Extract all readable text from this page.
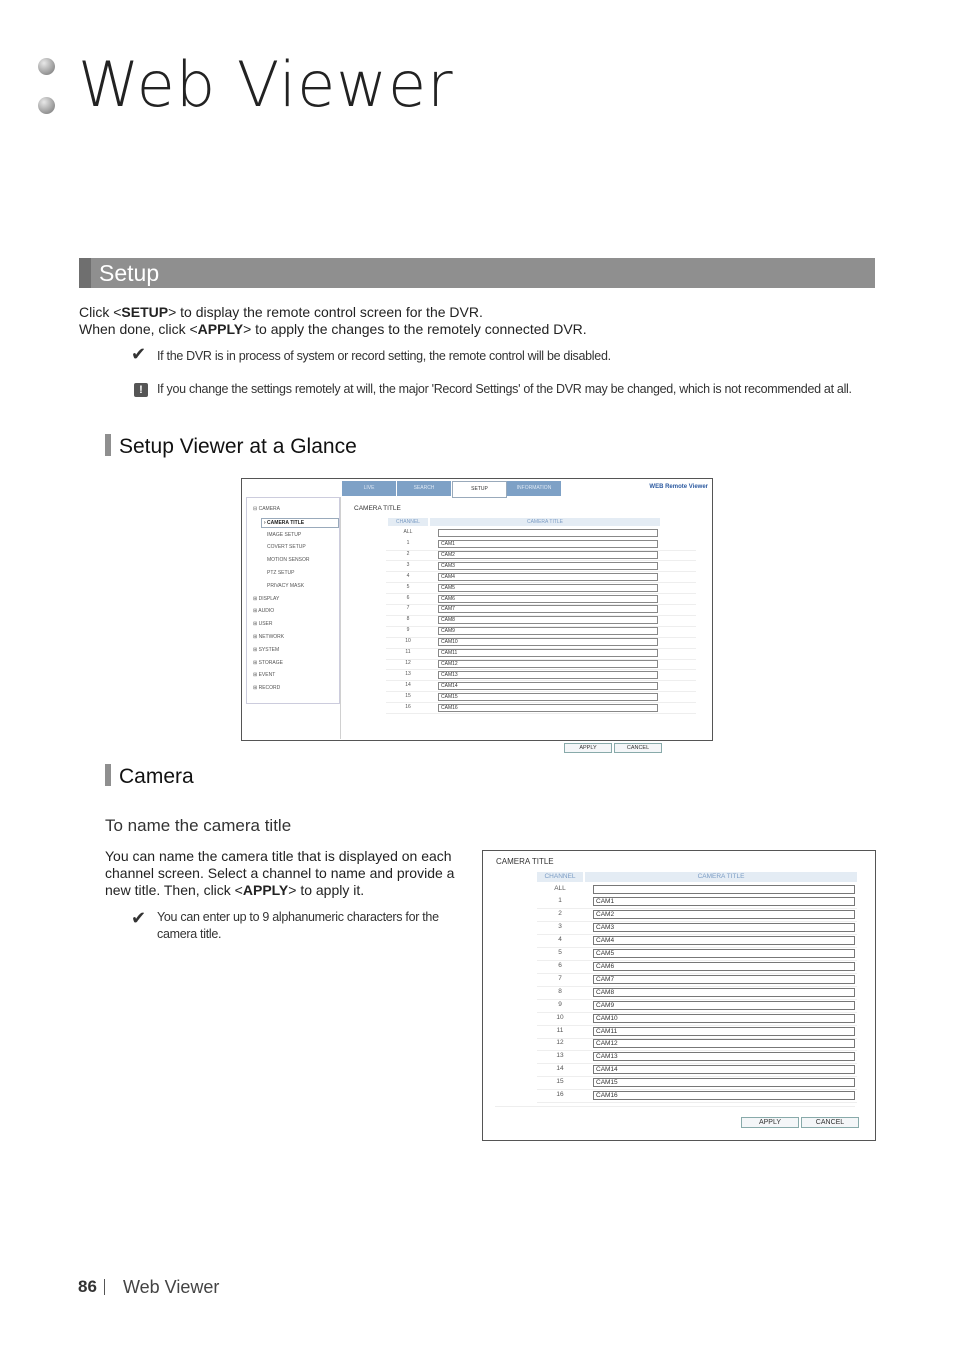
Web Viewer
Setup
Click <SETUP> to display the remote control screen for the DVR.
When done, click <APPLY> to apply the changes to the remotely connected DVR.
✔ If the DVR is in process of system or record setting, the remote control will be disabled.
!	If you change the settings remotely at will, the major 'Record Settings' of the DVR may be changed, which is not recommended at all.
Setup Viewer at a Glance
LIVE	SEARCH	SETUP	INFORMATION	WEB Remote Viewer
⊟ CAMERA
› CAMERA TITLE
IMAGE SETUP
COVERT SETUP
MOTION SENSOR
PTZ SETUP
PRIVACY MASK
⊞ DISPLAY
⊞ AUDIO
⊞ USER
⊞ NETWORK
⊞ SYSTEM
⊞ STORAGE
⊞ EVENT
⊞ RECORD
CAMERA TITLE
CHANNEL	CAMERA TITLE
ALL
1	CAM1
2	CAM2
3	CAM3
4	CAM4
5	CAM5
6	CAM6
7	CAM7
8	CAM8
9	CAM9
10	CAM10
11	CAM11
12	CAM12
13	CAM13
14	CAM14
15	CAM15
16	CAM16
APPLY	CANCEL
Camera
To name the camera title
You can name the camera title that is displayed on each channel screen. Select a channel to name and provide a new title. Then, click <APPLY> to apply it.
✔ You can enter up to 9 alphanumeric characters for the camera title.
CAMERA TITLE
CHANNEL	CAMERA TITLE
ALL
1	CAM1
2	CAM2
3	CAM3
4	CAM4
5	CAM5
6	CAM6
7	CAM7
8	CAM8
9	CAM9
10	CAM10
11	CAM11
12	CAM12
13	CAM13
14	CAM14
15	CAM15
16	CAM16
APPLY	CANCEL
86 Web Viewer
